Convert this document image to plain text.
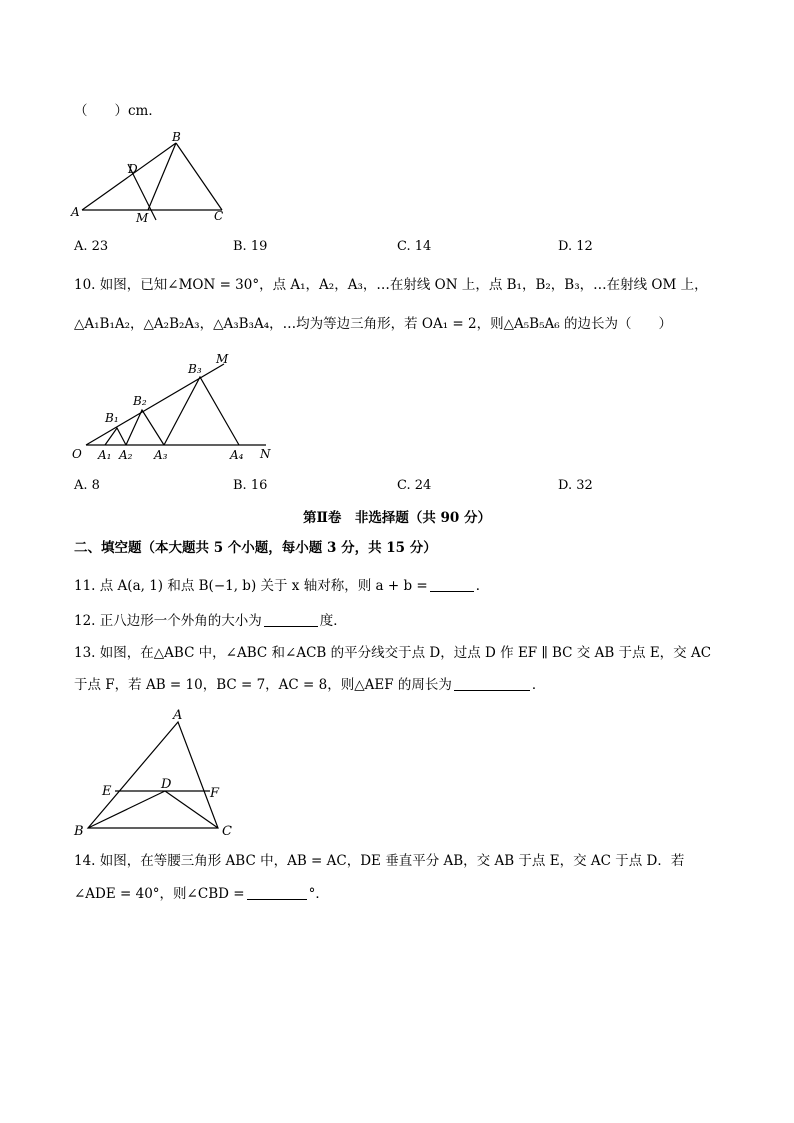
（　　）cm．
A
B
C
D
M
A. 23	B. 19	C. 14	D. 12
10. 如图，已知∠MON = 30°，点 A₁，A₂，A₃，…在射线 ON 上，点 B₁，B₂，B₃，…在射线 OM 上，
△A₁B₁A₂，△A₂B₂A₃，△A₃B₃A₄，…均为等边三角形，若 OA₁ = 2，则△A₅B₅A₆ 的边长为（　　）
O A₁ A₂ A₃	A₄ N
B₁
B₂
B₃
M
A. 8	B. 16	C. 24	D. 32
第Ⅱ卷　非选择题（共 90 分）
二、填空题（本大题共 5 个小题，每小题 3 分，共 15 分）
11. 点 A(a, 1) 和点 B(−1, b) 关于 x 轴对称，则 a + b =	．
12. 正八边形一个外角的大小为	度．
13. 如图，在△ABC 中，∠ABC 和∠ACB 的平分线交于点 D，过点 D 作 EF ∥ BC 交 AB 于点 E，交 AC
于点 F，若 AB = 10，BC = 7，AC = 8，则△AEF 的周长为	．
A
B	C
D
E	F
14. 如图，在等腰三角形 ABC 中，AB = AC，DE 垂直平分 AB，交 AB 于点 E，交 AC 于点 D．若
∠ADE = 40°，则∠CBD =	°．
